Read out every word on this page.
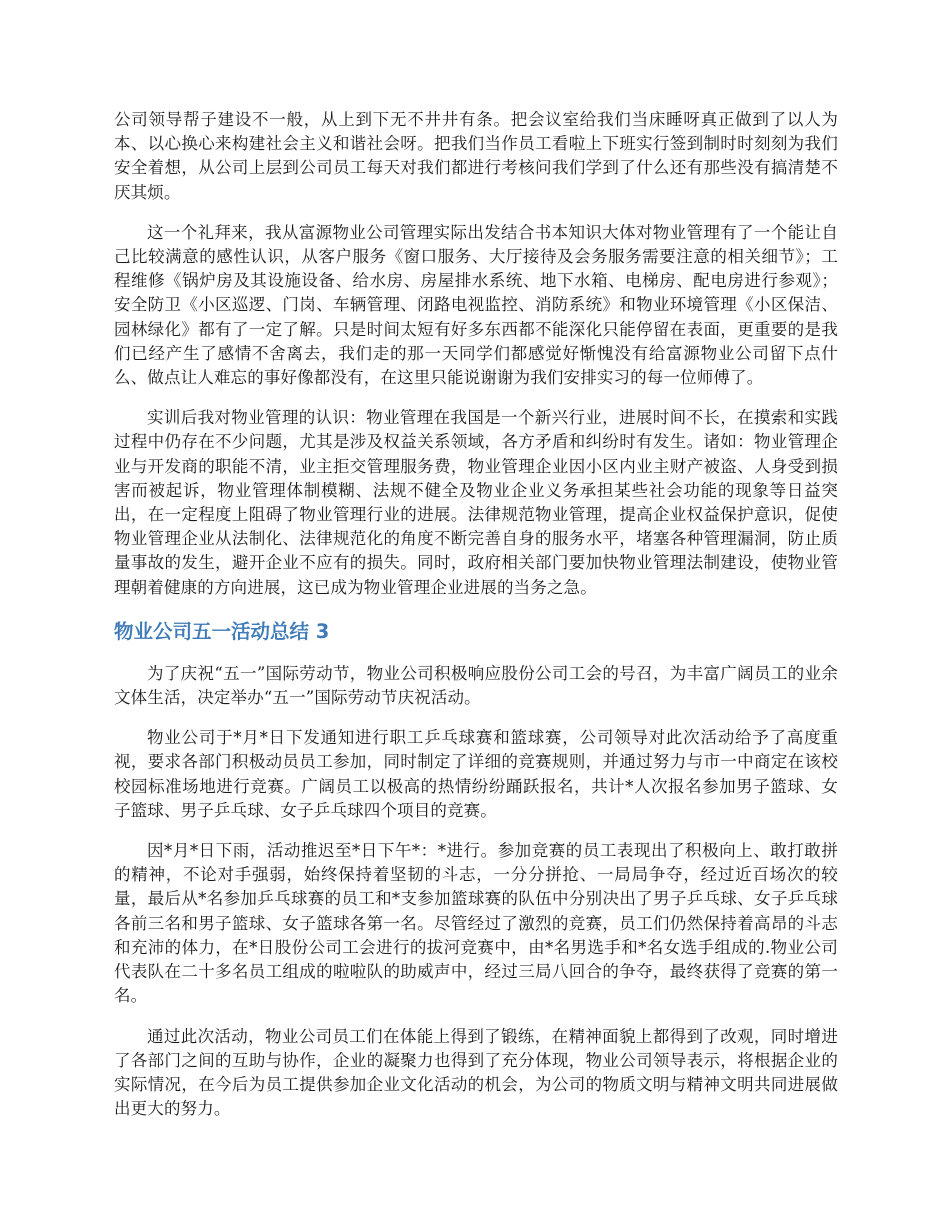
公司领导帮子建设不一般，从上到下无不井井有条。把会议室给我们当床睡呀真正做到了以人为本、以心换心来构建社会主义和谐社会呀。把我们当作员工看啦上下班实行签到制时时刻刻为我们安全着想，从公司上层到公司员工每天对我们都进行考核问我们学到了什么还有那些没有搞清楚不厌其烦。

这一个礼拜来，我从富源物业公司管理实际出发结合书本知识大体对物业管理有了一个能让自己比较满意的感性认识，从客户服务《窗口服务、大厅接待及会务服务需要注意的相关细节》；工程维修《锅炉房及其设施设备、给水房、房屋排水系统、地下水箱、电梯房、配电房进行参观》；安全防卫《小区巡逻、门岗、车辆管理、闭路电视监控、消防系统》和物业环境管理《小区保洁、园林绿化》都有了一定了解。只是时间太短有好多东西都不能深化只能停留在表面，更重要的是我们已经产生了感情不舍离去，我们走的那一天同学们都感觉好惭愧没有给富源物业公司留下点什么、做点让人难忘的事好像都没有，在这里只能说谢谢为我们安排实习的每一位师傅了。

实训后我对物业管理的认识：物业管理在我国是一个新兴行业，进展时间不长，在摸索和实践过程中仍存在不少问题，尤其是涉及权益关系领域，各方矛盾和纠纷时有发生。诸如：物业管理企业与开发商的职能不清，业主拒交管理服务费，物业管理企业因小区内业主财产被盗、人身受到损害而被起诉，物业管理体制模糊、法规不健全及物业企业义务承担某些社会功能的现象等日益突出，在一定程度上阻碍了物业管理行业的进展。法律规范物业管理，提高企业权益保护意识，促使物业管理企业从法制化、法律规范化的角度不断完善自身的服务水平，堵塞各种管理漏洞，防止质量事故的发生，避开企业不应有的损失。同时，政府相关部门要加快物业管理法制建设，使物业管理朝着健康的方向进展，这已成为物业管理企业进展的当务之急。

物业公司五一活动总结 3

为了庆祝“五一”国际劳动节，物业公司积极响应股份公司工会的号召，为丰富广阔员工的业余文体生活，决定举办“五一”国际劳动节庆祝活动。

物业公司于*月*日下发通知进行职工乒乓球赛和篮球赛，公司领导对此次活动给予了高度重视，要求各部门积极动员员工参加，同时制定了详细的竞赛规则，并通过努力与市一中商定在该校校园标准场地进行竞赛。广阔员工以极高的热情纷纷踊跃报名，共计*人次报名参加男子篮球、女子篮球、男子乒乓球、女子乒乓球四个项目的竞赛。

因*月*日下雨，活动推迟至*日下午*：*进行。参加竞赛的员工表现出了积极向上、敢打敢拼的精神，不论对手强弱，始终保持着坚韧的斗志，一分分拼抢、一局局争夺，经过近百场次的较量，最后从*名参加乒乓球赛的员工和*支参加篮球赛的队伍中分别决出了男子乒乓球、女子乒乓球各前三名和男子篮球、女子篮球各第一名。尽管经过了激烈的竞赛，员工们仍然保持着高昂的斗志和充沛的体力，在*日股份公司工会进行的拔河竞赛中，由*名男选手和*名女选手组成的.物业公司代表队在二十多名员工组成的啦啦队的助威声中，经过三局八回合的争夺，最终获得了竞赛的第一名。

通过此次活动，物业公司员工们在体能上得到了锻练，在精神面貌上都得到了改观，同时增进了各部门之间的互助与协作，企业的凝聚力也得到了充分体现，物业公司领导表示，将根据企业的实际情况，在今后为员工提供参加企业文化活动的机会，为公司的物质文明与精神文明共同进展做出更大的努力。
